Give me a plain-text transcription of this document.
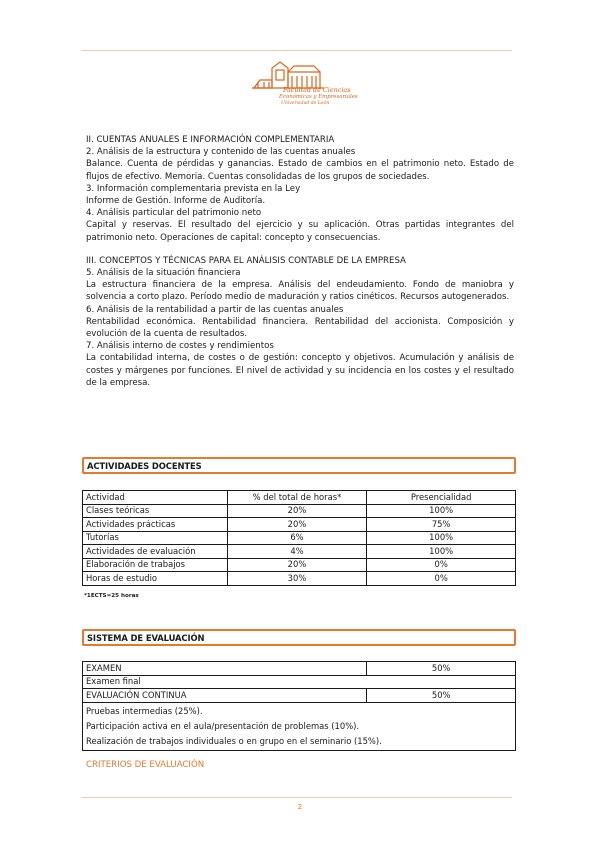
Facultad de Ciencias
Económicas y Empresariales
Universidad de León

II. CUENTAS ANUALES E INFORMACIÓN COMPLEMENTARIA

2. Análisis de la estructura y contenido de las cuentas anuales

Balance. Cuenta de pérdidas y ganancias. Estado de cambios en el patrimonio neto. Estado de flujos de efectivo. Memoria. Cuentas consolidadas de los grupos de sociedades.

3. Información complementaria prevista en la Ley

Informe de Gestión. Informe de Auditoría.

4. Análisis particular del patrimonio neto

Capital y reservas. El resultado del ejercicio y su aplicación. Otras partidas integrantes del patrimonio neto. Operaciones de capital: concepto y consecuencias.

III. CONCEPTOS Y TÉCNICAS PARA EL ANÁLISIS CONTABLE DE LA EMPRESA

5. Análisis de la situación financiera

La estructura financiera de la empresa. Análisis del endeudamiento. Fondo de maniobra y solvencia a corto plazo. Período medio de maduración y ratios cinéticos. Recursos autogenerados.

6. Análisis de la rentabilidad a partir de las cuentas anuales

Rentabilidad económica. Rentabilidad financiera. Rentabilidad del accionista. Composición y evolución de la cuenta de resultados.

7. Análisis interno de costes y rendimientos

La contabilidad interna, de costes o de gestión: concepto y objetivos. Acumulación y análisis de costes y márgenes por funciones. El nivel de actividad y su incidencia en los costes y el resultado de la empresa.

ACTIVIDADES DOCENTES
Actividad	% del total de horas*	Presencialidad
Clases teóricas	20%	100%
Actividades prácticas	20%	75%
Tutorías	6%	100%
Actividades de evaluación	4%	100%
Elaboración de trabajos	20%	0%
Horas de estudio	30%	0%
*1ECTS=25 horas
SISTEMA DE EVALUACIÓN
EXAMEN	50%
Examen final	
EVALUACIÓN CONTINUA	50%

Pruebas intermedias (25%).
Participación activa en el aula/presentación de problemas (10%).
Realización de trabajos individuales o en grupo en el seminario (15%).	
CRITERIOS DE EVALUACIÓN
2
